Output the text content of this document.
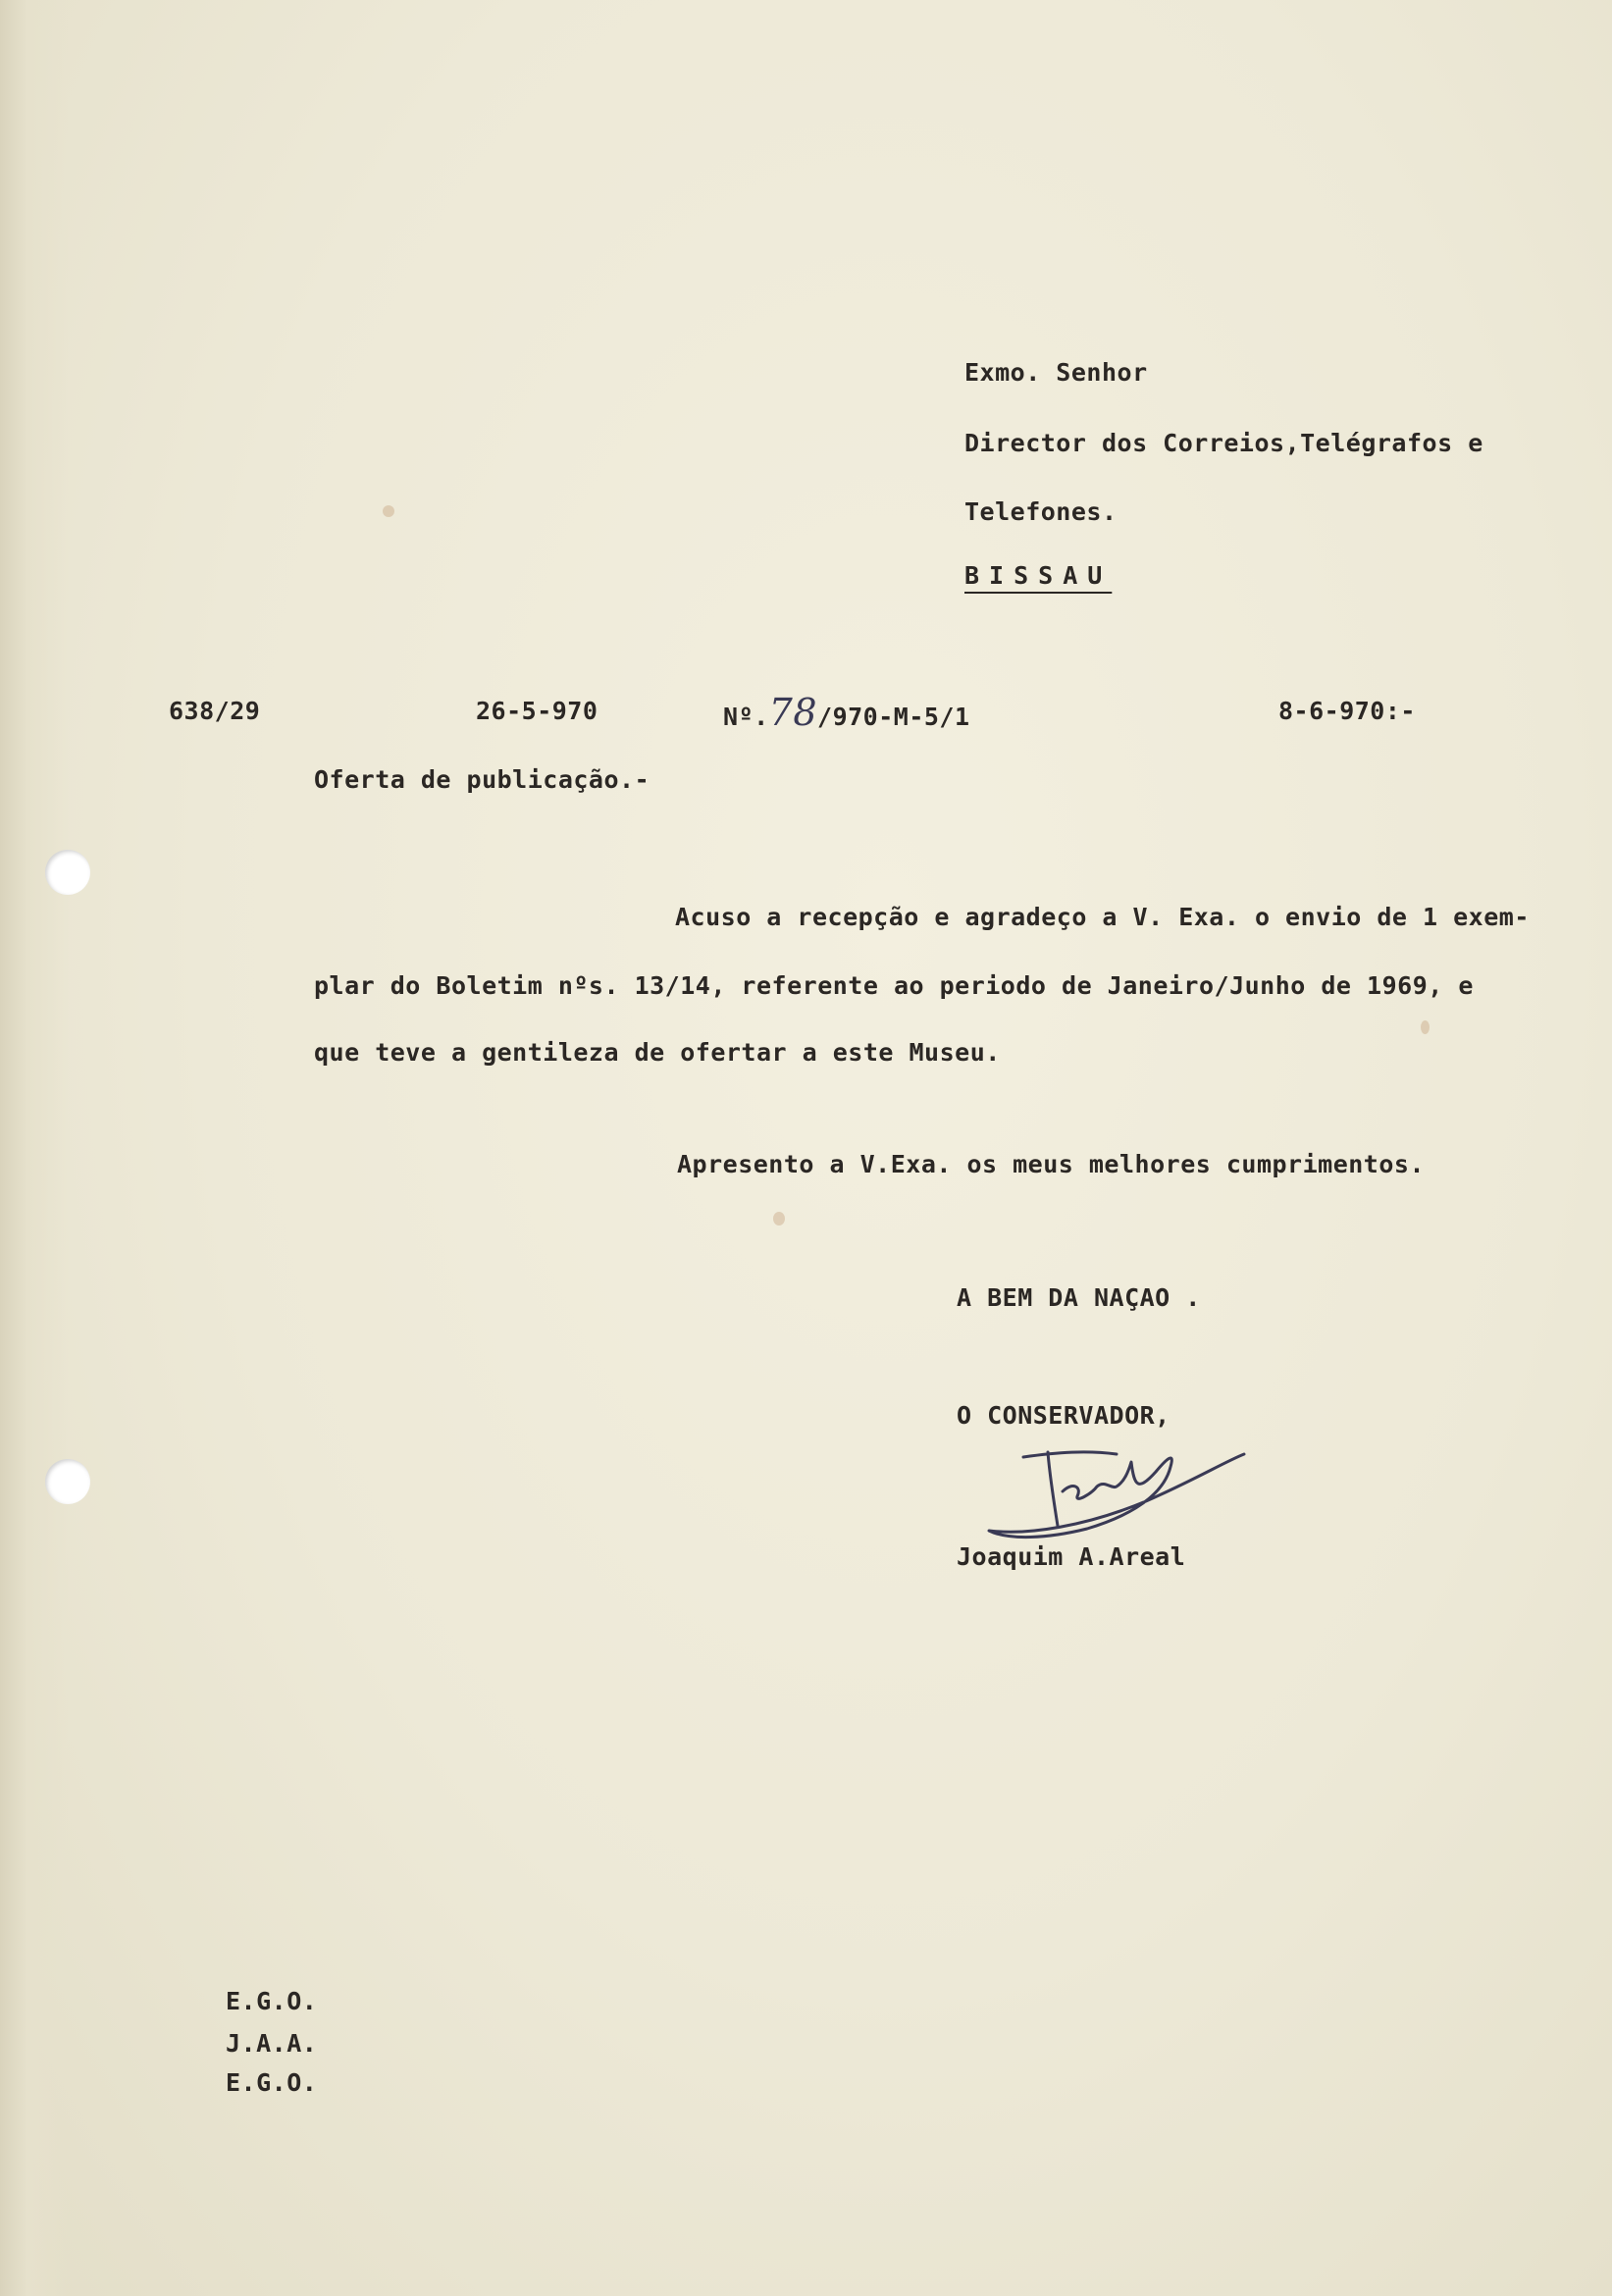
Exmo. Senhor
Director dos Correios,Telégrafos e
Telefones.
BISSAU
638/29	26-5-970	Nº.78/970-M-5/1	8-6-970:-
Oferta de publicação.-
Acuso a recepção e agradeço a V. Exa. o envio de 1 exem-
plar do Boletim nºs. 13/14, referente ao periodo de Janeiro/Junho de 1969, e
que teve a gentileza de ofertar a este Museu.
Apresento a V.Exa. os meus melhores cumprimentos.
A BEM DA NAÇAO .
O CONSERVADOR,
Joaquim A.Areal
E.G.O.
J.A.A.
E.G.O.
